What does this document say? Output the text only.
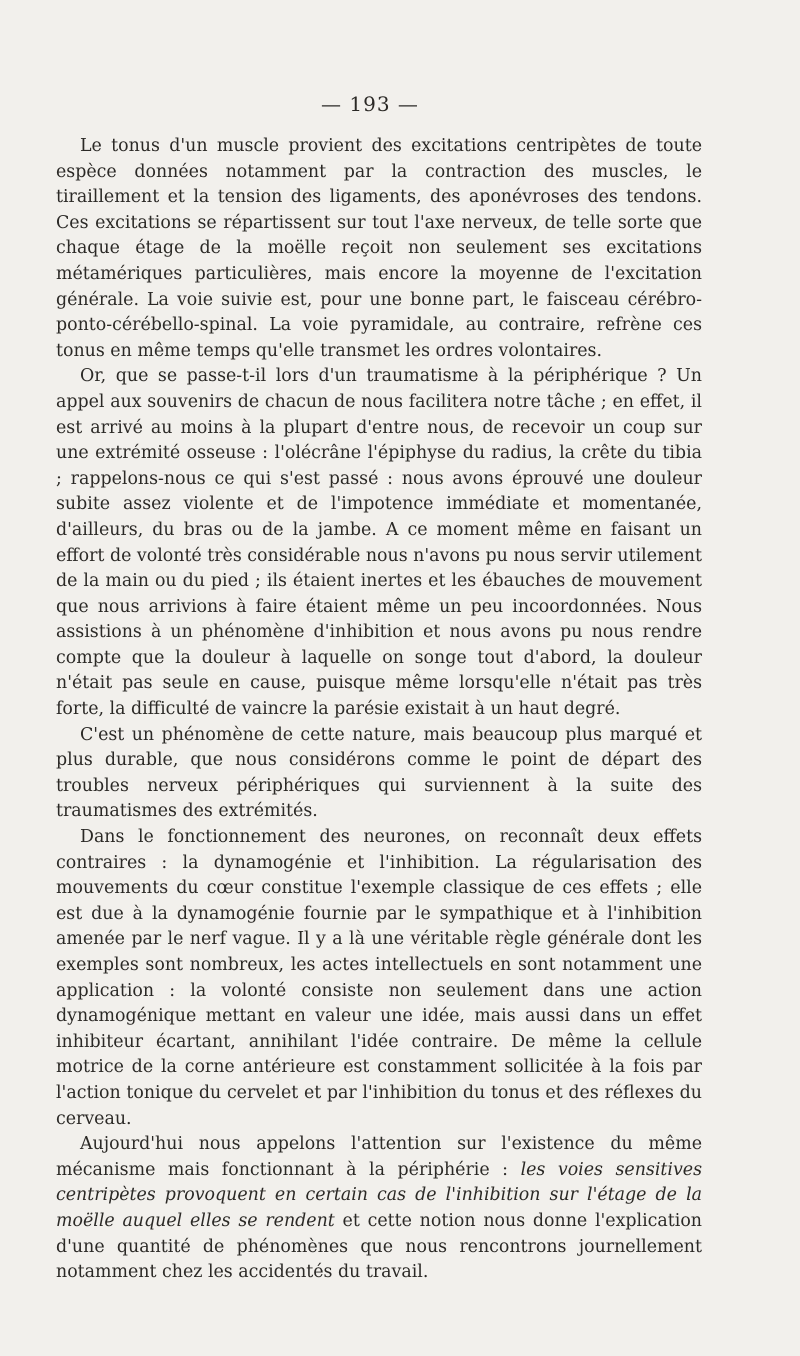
— 193 —

Le tonus d'un muscle provient des excitations centripètes de toute espèce données notamment par la contraction des muscles, le tiraillement et la tension des ligaments, des aponévroses des tendons. Ces excitations se répartissent sur tout l'axe nerveux, de telle sorte que chaque étage de la moëlle reçoit non seulement ses excitations métamériques particulières, mais encore la moyenne de l'excitation générale. La voie suivie est, pour une bonne part, le faisceau cérébro-ponto-cérébello-spinal. La voie pyramidale, au contraire, refrène ces tonus en même temps qu'elle transmet les ordres volontaires.

Or, que se passe-t-il lors d'un traumatisme à la périphérique ? Un appel aux souvenirs de chacun de nous facilitera notre tâche ; en effet, il est arrivé au moins à la plupart d'entre nous, de recevoir un coup sur une extrémité osseuse : l'olécrâne l'épiphyse du radius, la crête du tibia ; rappelons-nous ce qui s'est passé : nous avons éprouvé une douleur subite assez violente et de l'impotence immédiate et momentanée, d'ailleurs, du bras ou de la jambe. A ce moment même en faisant un effort de volonté très considérable nous n'avons pu nous servir utilement de la main ou du pied ; ils étaient inertes et les ébauches de mouvement que nous arrivions à faire étaient même un peu incoordonnées. Nous assistions à un phénomène d'inhibition et nous avons pu nous rendre compte que la douleur à laquelle on songe tout d'abord, la douleur n'était pas seule en cause, puisque même lorsqu'elle n'était pas très forte, la difficulté de vaincre la parésie existait à un haut degré.

C'est un phénomène de cette nature, mais beaucoup plus marqué et plus durable, que nous considérons comme le point de départ des troubles nerveux périphériques qui surviennent à la suite des traumatismes des extrémités.

Dans le fonctionnement des neurones, on reconnaît deux effets contraires : la dynamogénie et l'inhibition. La régularisation des mouvements du cœur constitue l'exemple classique de ces effets ; elle est due à la dynamogénie fournie par le sympathique et à l'inhibition amenée par le nerf vague. Il y a là une véritable règle générale dont les exemples sont nombreux, les actes intellectuels en sont notamment une application : la volonté consiste non seulement dans une action dynamogénique mettant en valeur une idée, mais aussi dans un effet inhibiteur écartant, annihilant l'idée contraire. De même la cellule motrice de la corne antérieure est constamment sollicitée à la fois par l'action tonique du cervelet et par l'inhibition du tonus et des réflexes du cerveau.

Aujourd'hui nous appelons l'attention sur l'existence du même mécanisme mais fonctionnant à la périphérie : les voies sensitives centripètes provoquent en certain cas de l'inhibition sur l'étage de la moëlle auquel elles se rendent et cette notion nous donne l'explication d'une quantité de phénomènes que nous rencontrons journellement notamment chez les accidentés du travail.
